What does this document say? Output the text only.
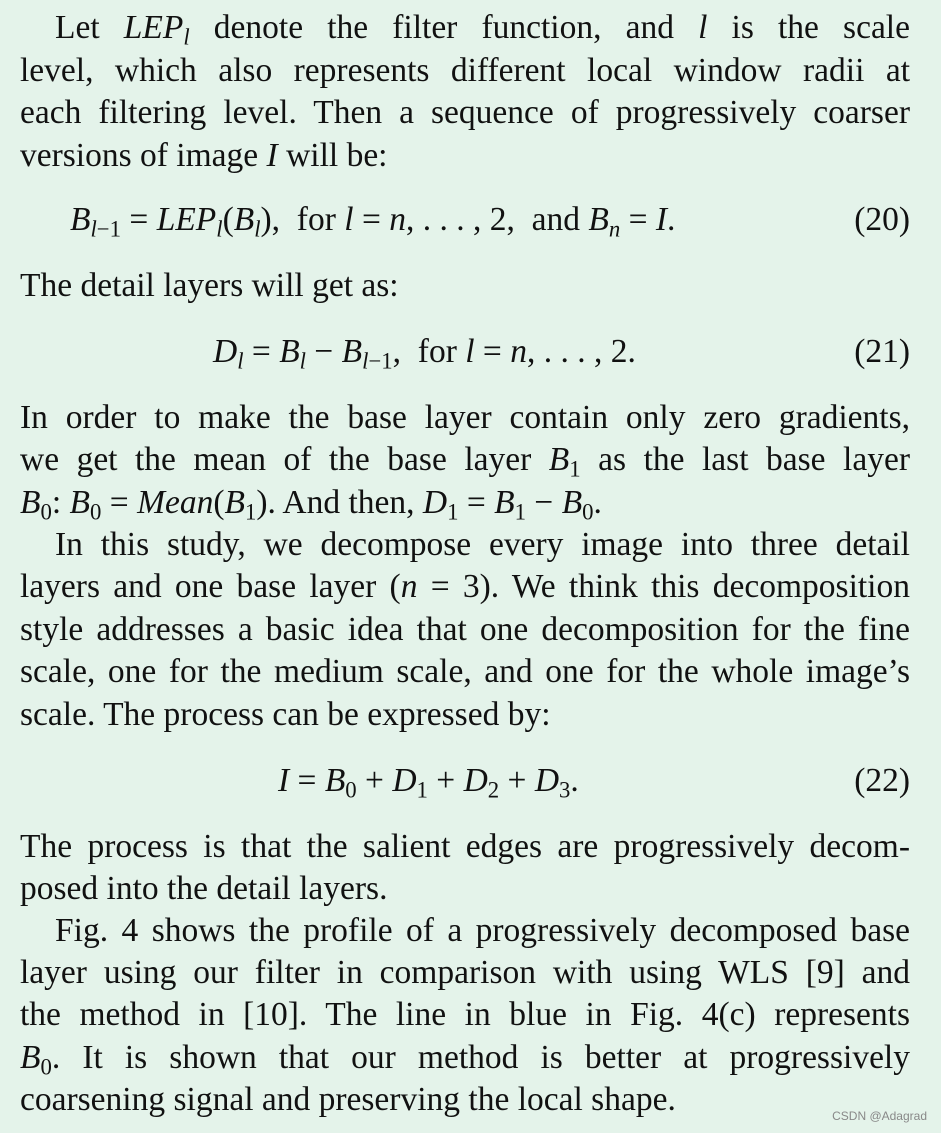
Let $LEP_l$ denote the filter function, and l is the scale
level, which also represents different local window radii at
each filtering level. Then a sequence of progressively coarser
versions of image I will be:
$B_{l-1} = LEP_l(B_l)$,  for l = n, . . . , 2,  and $B_n = I$.	(20)
The detail layers will get as:
$D_l = B_l - B_{l-1}$,  for l = n, . . . , 2.	(21)
In order to make the base layer contain only zero gradients,
we get the mean of the base layer $B_1$ as the last base layer
$B_0$: $B_0$ = $Mean(B_1)$. And then, $D_1 = B_1 - B_0$.
In this study, we decompose every image into three detail
layers and one base layer (n = 3). We think this decomposition
style addresses a basic idea that one decomposition for the fine
scale, one for the medium scale, and one for the whole image’s
scale. The process can be expressed by:
$I = B_0 + D_1 + D_2 + D_3$.	(22)
The process is that the salient edges are progressively decom-
posed into the detail layers.
Fig. 4 shows the profile of a progressively decomposed base
layer using our filter in comparison with using WLS [9] and
the method in [10]. The line in blue in Fig. 4(c) represents
$B_0$. It is shown that our method is better at progressively
coarsening signal and preserving the local shape.	CSDN @Adagrad
